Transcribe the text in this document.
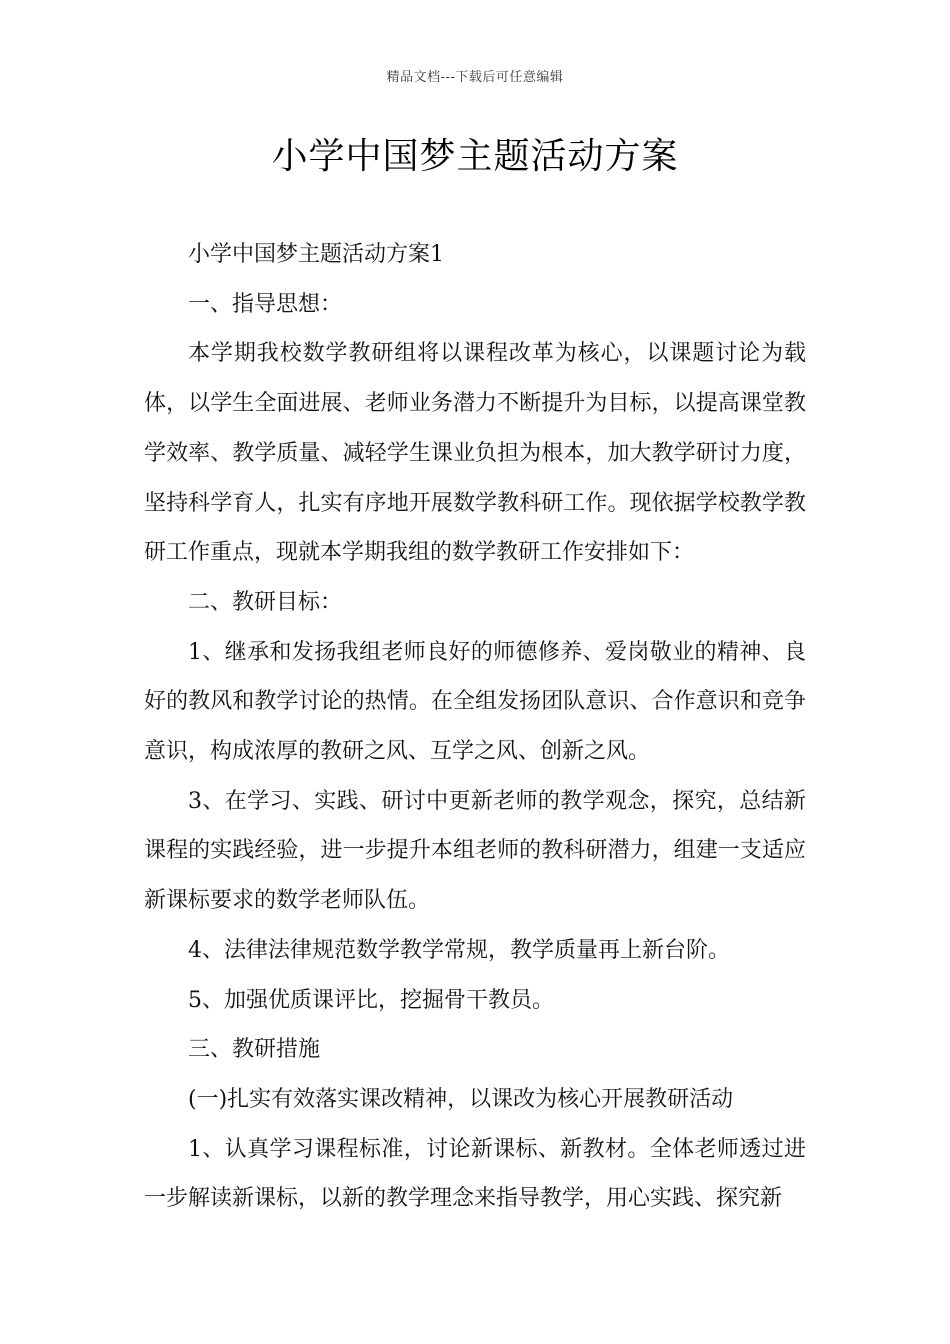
精品文档---下载后可任意编辑
小学中国梦主题活动方案

小学中国梦主题活动方案1

一、指导思想：

本学期我校数学教研组将以课程改革为核心，以课题讨论为载体，以学生全面进展、老师业务潜力不断提升为目标，以提高课堂教学效率、教学质量、减轻学生课业负担为根本，加大教学研讨力度，坚持科学育人，扎实有序地开展数学教科研工作。现依据学校教学教研工作重点，现就本学期我组的数学教研工作安排如下：

二、教研目标：

1、继承和发扬我组老师良好的师德修养、爱岗敬业的精神、良好的教风和教学讨论的热情。在全组发扬团队意识、合作意识和竞争意识，构成浓厚的教研之风、互学之风、创新之风。

3、在学习、实践、研讨中更新老师的教学观念，探究，总结新课程的实践经验，进一步提升本组老师的教科研潜力，组建一支适应新课标要求的数学老师队伍。

4、法律法律规范数学教学常规，教学质量再上新台阶。

5、加强优质课评比，挖掘骨干教员。

三、教研措施

(一)扎实有效落实课改精神，以课改为核心开展教研活动

1、认真学习课程标准，讨论新课标、新教材。全体老师透过进一步解读新课标，以新的教学理念来指导教学，用心实践、探究新
